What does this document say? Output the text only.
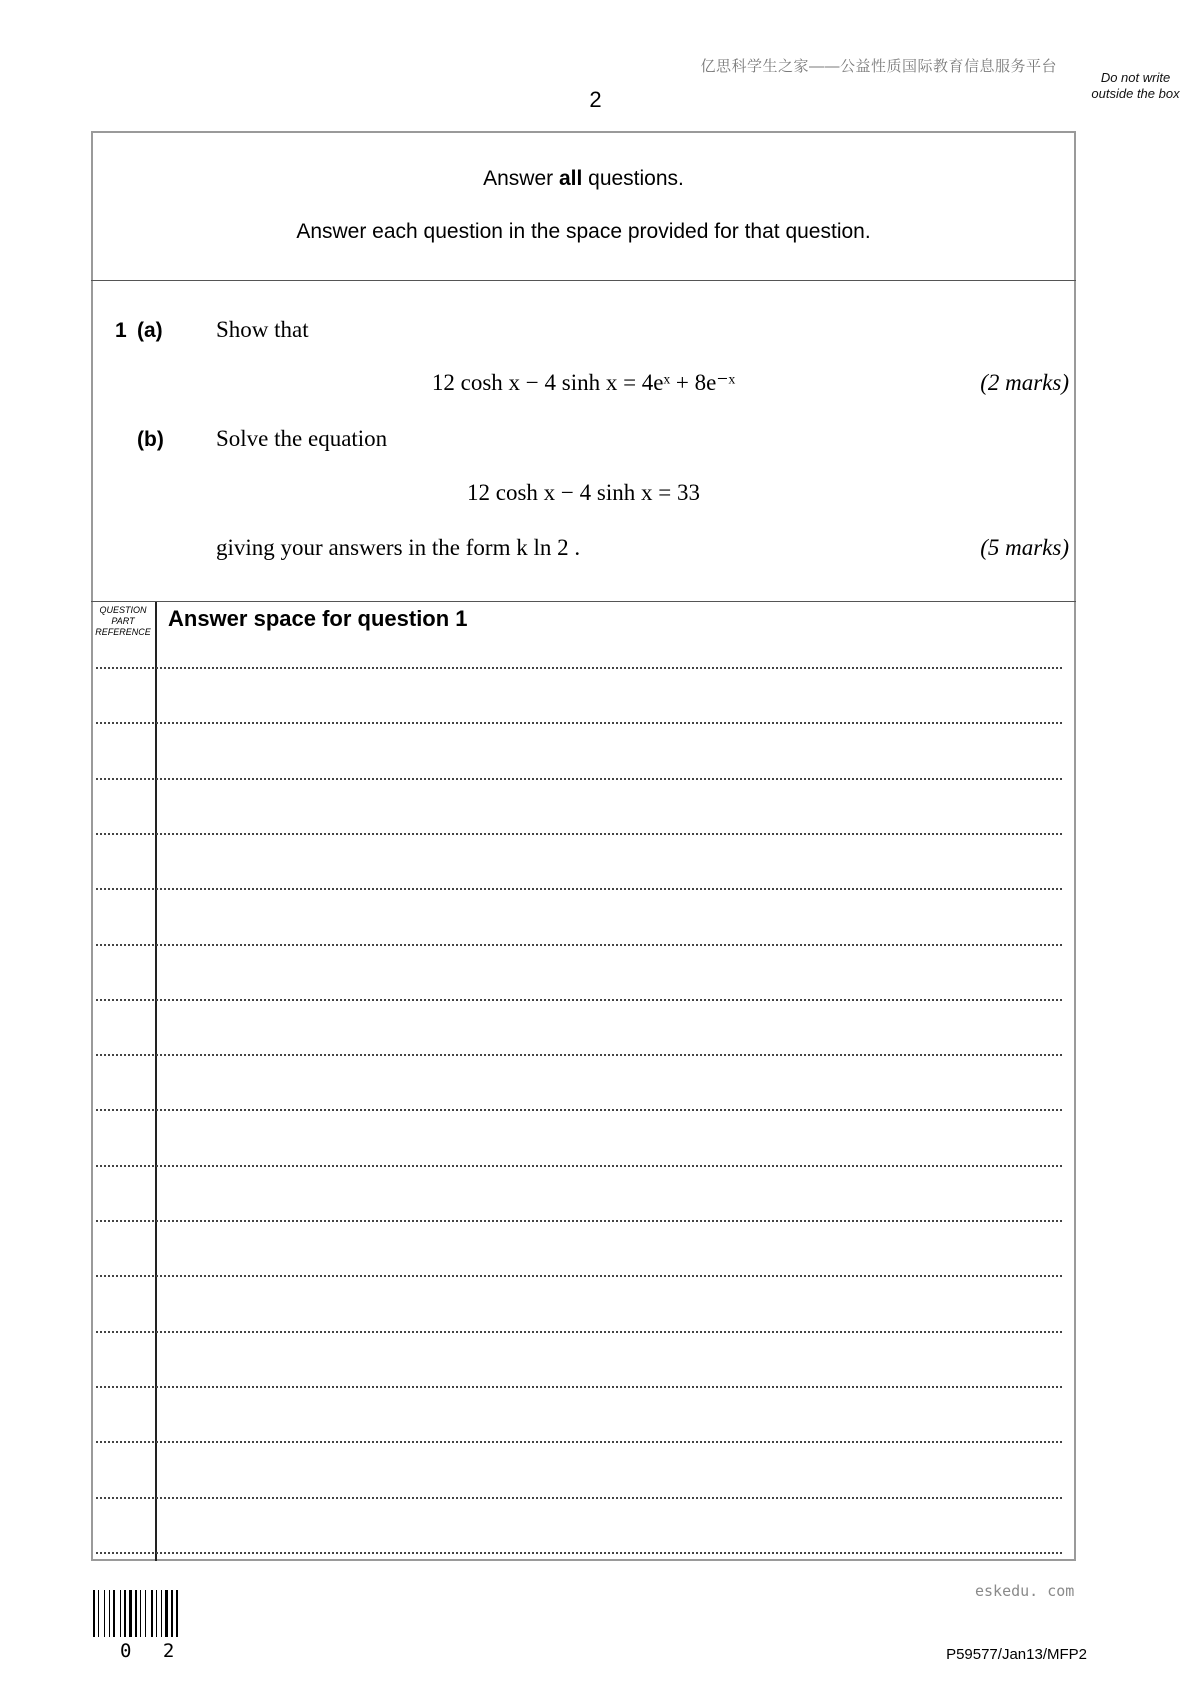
亿思科学生之家——公益性质国际教育信息服务平台
2
Do not write outside the box
Answer all questions.
Answer each question in the space provided for that question.
1 (a) Show that
12 cosh x − 4 sinh x = 4eˣ + 8e⁻ˣ	(2 marks)
(b) Solve the equation
12 cosh x − 4 sinh x = 33
giving your answers in the form k ln 2 .	(5 marks)
QUESTION PART REFERENCE
Answer space for question 1
0 2
eskedu. com
P59577/Jan13/MFP2
